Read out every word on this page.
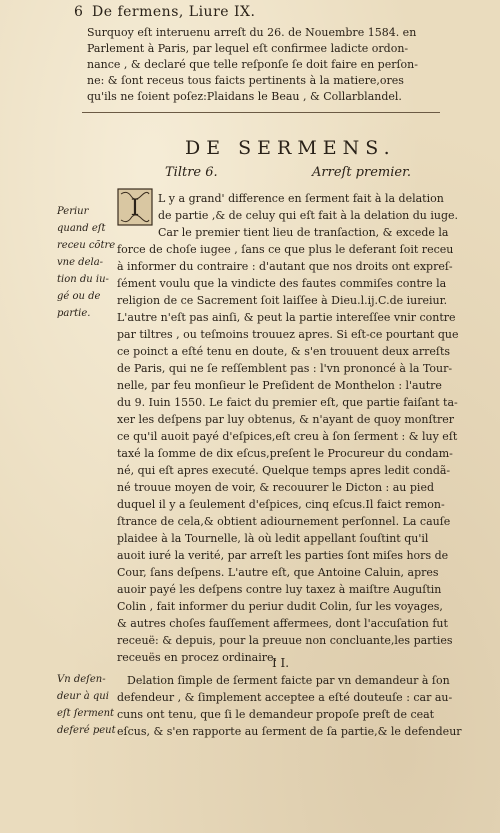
6 De fermens, Liure IX.
Surquoy eſt interuenu arreſt du 26. de Nouembre 1584. en
Parlement à Paris, par lequel eſt confirmee ladicte ordon-
nance , & declaré que telle reſponſe ſe doit faire en perſon-
ne: & ſont receus tous faicts pertinents à la matiere,ores
qu'ils ne ſoient poſez:Plaidans le Beau , & Collarblandel.
DE SERMENS.
Tiltre 6.	Arreſt premier.
I
Periur
quand eſt
receu cõtre
vne dela-
tion du iu-
gé ou de
partie.
L y a grand' difference en ſerment fait à la delation
de partie ,& de celuy qui eſt fait à la delation du iuge.
Car le premier tient lieu de tranſaction, & excede la
force de choſe iugee , ſans ce que plus le deferant ſoit receu
à informer du contraire : d'autant que nos droits ont expreſ-
ſément voulu que la vindicte des fautes commiſes contre la
religion de ce Sacrement ſoit laiſſee à Dieu.l.ij.C.de iureiur.
L'autre n'eſt pas ainſi, & peut la partie intereſſee vnir contre
par tiltres , ou teſmoins trouuez apres. Si eſt-ce pourtant que
ce poinct a eſté tenu en doute, & s'en trouuent deux arreſts
de Paris, qui ne ſe reſſemblent pas : l'vn prononcé à la Tour-
nelle, par feu monſieur le Preſident de Monthelon : l'autre
du 9. Iuin 1550. Le faict du premier eſt, que partie faiſant ta-
xer les deſpens par luy obtenus, & n'ayant de quoy monſtrer
ce qu'il auoit payé d'eſpices,eſt creu à ſon ſerment : & luy eſt
taxé la ſomme de dix eſcus,preſent le Procureur du condam-
né, qui eſt apres executé. Quelque temps apres ledit condã-
né trouue moyen de voir, & recouurer le Dicton : au pied
duquel il y a ſeulement d'eſpices, cinq eſcus.Il faict remon-
ſtrance de cela,& obtient adiournement perſonnel. La cauſe
plaidee à la Tournelle, là où ledit appellant ſouſtint qu'il
auoit iuré la verité, par arreſt les parties ſont miſes hors de
Cour, ſans deſpens. L'autre eſt, que Antoine Caluin, apres
auoir payé les deſpens contre luy taxez à maiſtre Auguſtin
Colin , fait informer du periur dudit Colin, ſur les voyages,
& autres choſes fauſſement affermees, dont l'accuſation fut
receuë: & depuis, pour la preuue non concluante,les parties
receuës en procez ordinaire.
I I.
Vn deſen-
deur à qui
eſt ſerment
deferé peut
Delation ſimple de ſerment faicte par vn demandeur à ſon
defendeur , & ſimplement acceptee a eſté douteuſe : car au-
cuns ont tenu, que ſi le demandeur propoſe preſt de ceat
eſcus, & s'en rapporte au ſerment de ſa partie,& le defendeur
